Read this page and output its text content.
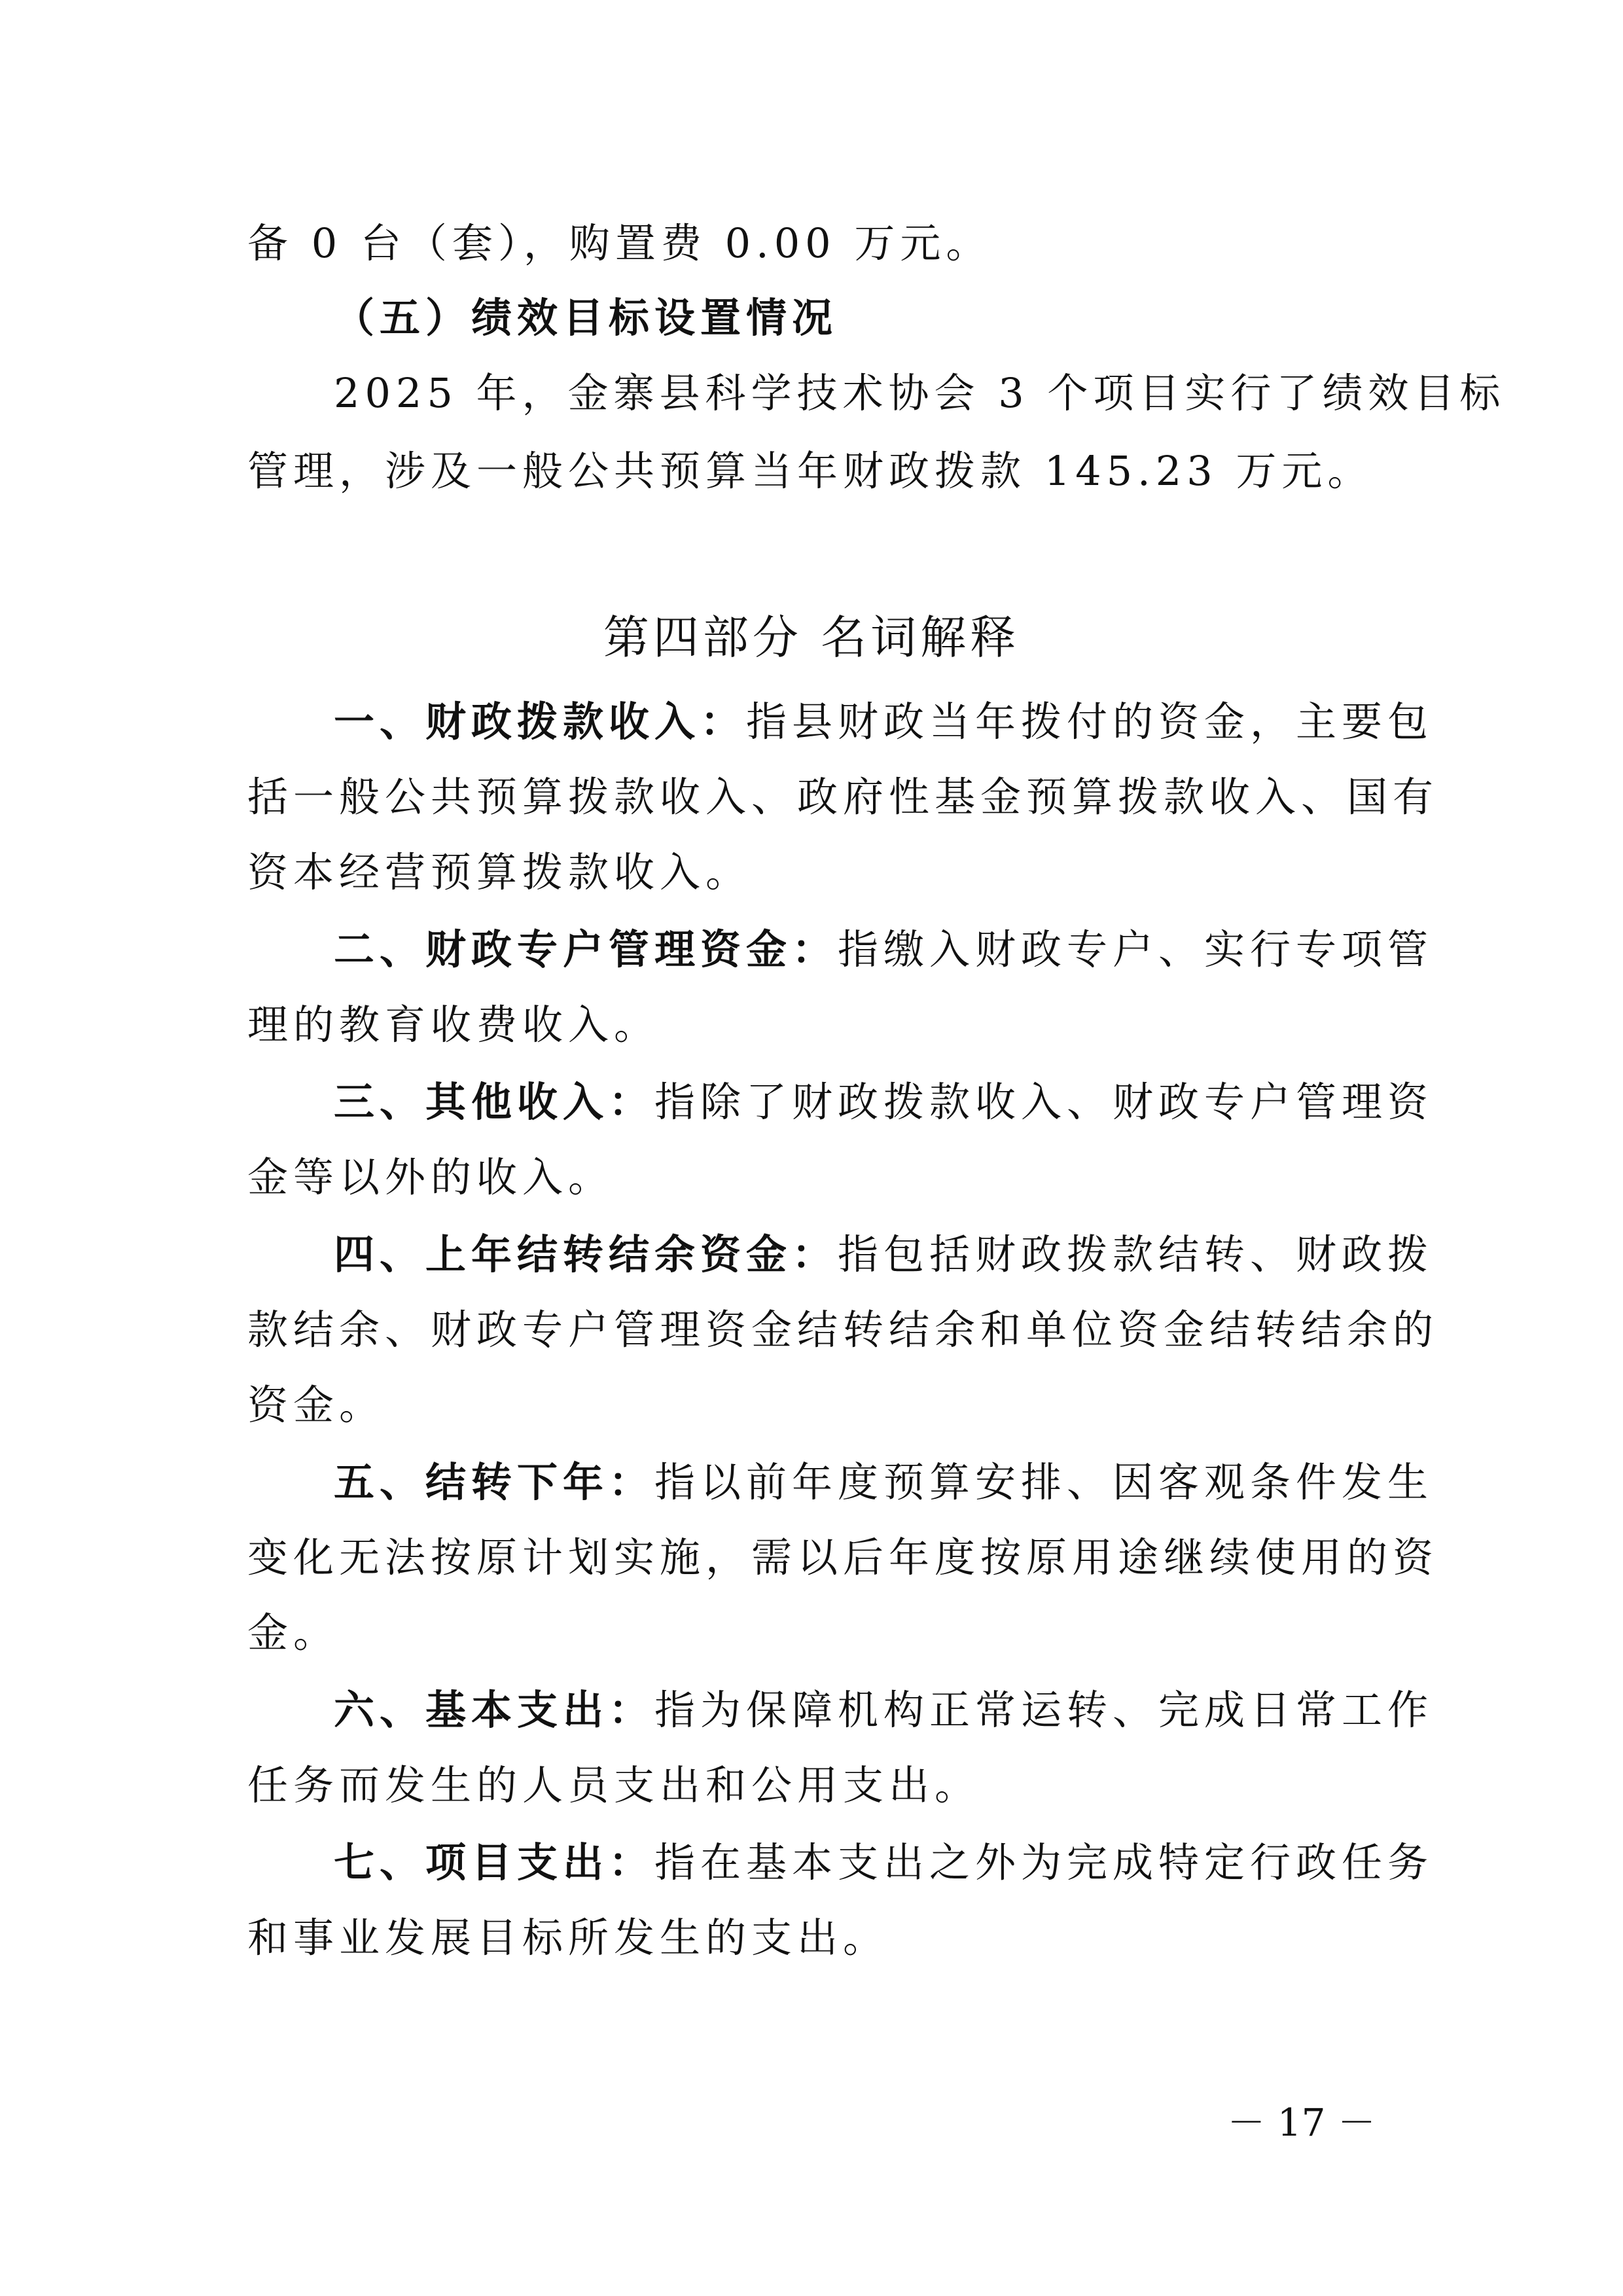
备 0 台（套），购置费 0.00 万元。
（五）绩效目标设置情况
2025 年，金寨县科学技术协会 3 个项目实行了绩效目标
管理，涉及一般公共预算当年财政拨款 145.23 万元。
第四部分 名词解释
一、财政拨款收入：指县财政当年拨付的资金，主要包
括一般公共预算拨款收入、政府性基金预算拨款收入、国有
资本经营预算拨款收入。
二、财政专户管理资金：指缴入财政专户、实行专项管
理的教育收费收入。
三、其他收入：指除了财政拨款收入、财政专户管理资
金等以外的收入。
四、上年结转结余资金：指包括财政拨款结转、财政拨
款结余、财政专户管理资金结转结余和单位资金结转结余的
资金。
五、结转下年：指以前年度预算安排、因客观条件发生
变化无法按原计划实施，需以后年度按原用途继续使用的资
金。
六、基本支出：指为保障机构正常运转、完成日常工作
任务而发生的人员支出和公用支出。
七、项目支出：指在基本支出之外为完成特定行政任务
和事业发展目标所发生的支出。
－ 17 －
